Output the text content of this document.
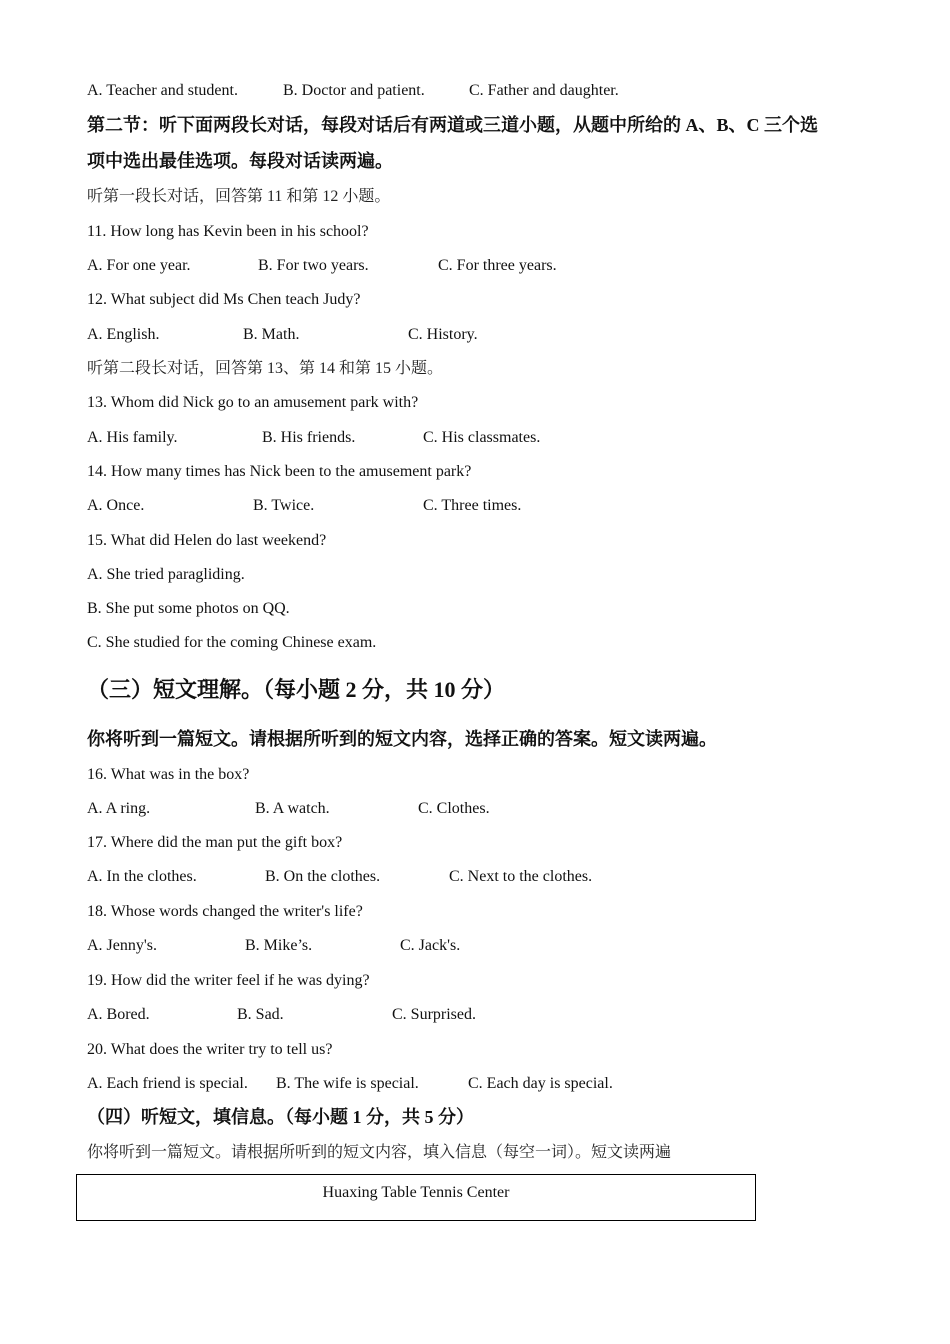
A. Teacher and student.	B. Doctor and patient.	C. Father and daughter.
第二节：听下面两段长对话，每段对话后有两道或三道小题，从题中所给的 A、B、C 三个选
项中选出最佳选项。每段对话读两遍。
听第一段长对话，回答第 11 和第 12 小题。
11. How long has Kevin been in his school?
A. For one year.	B. For two years.	C. For three years.
12. What subject did Ms Chen teach Judy?
A. English.	B. Math.	C. History.
听第二段长对话，回答第 13、第 14 和第 15 小题。
13. Whom did Nick go to an amusement park with?
A. His family.	B. His friends.	C. His classmates.
14. How many times has Nick been to the amusement park?
A. Once.	B. Twice.	C. Three times.
15. What did Helen do last weekend?
A. She tried paragliding.
B. She put some photos on QQ.
C. She studied for the coming Chinese exam.
（三）短文理解。（每小题 2 分，共 10 分）
你将听到一篇短文。请根据所听到的短文内容，选择正确的答案。短文读两遍。
16. What was in the box?
A. A ring.	B. A watch.	C. Clothes.
17. Where did the man put the gift box?
A. In the clothes.	B. On the clothes.	C. Next to the clothes.
18. Whose words changed the writer's life?
A. Jenny's.	B. Mike’s.	C. Jack's.
19. How did the writer feel if he was dying?
A. Bored.	B. Sad.	C. Surprised.
20. What does the writer try to tell us?
A. Each friend is special. B. The wife is special.	C. Each day is special.
（四）听短文，填信息。（每小题 1 分，共 5 分）
你将听到一篇短文。请根据所听到的短文内容，填入信息（每空一词）。短文读两遍
Huaxing Table Tennis Center
